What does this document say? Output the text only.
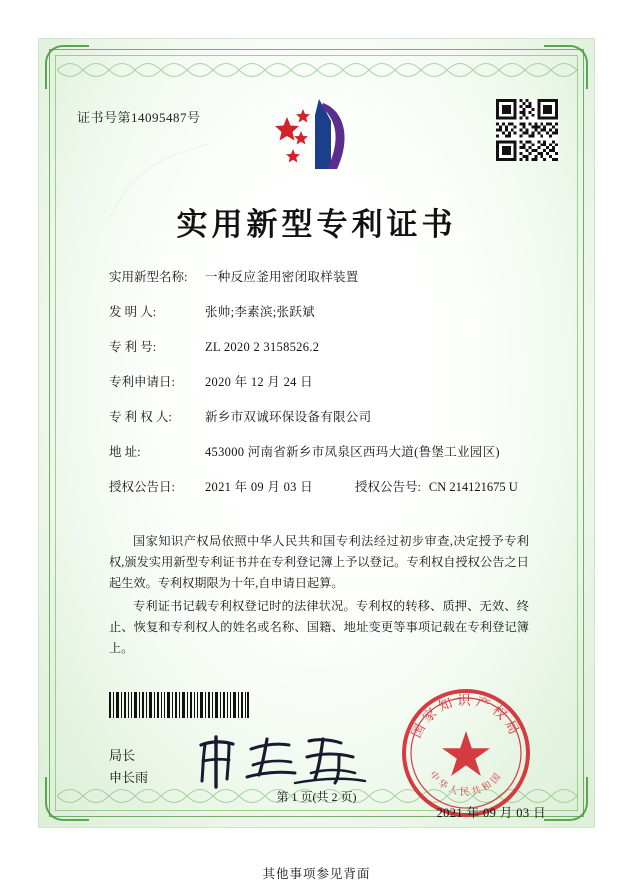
证书号第14095487号
实用新型专利证书
实用新型名称:	一种反应釜用密闭取样装置
发 明 人:	张帅;李素滨;张跃斌
专 利 号:	ZL 2020 2 3158526.2
专利申请日:	2020 年 12 月 24 日
专 利 权 人:	新乡市双诚环保设备有限公司
地 址:	453000 河南省新乡市凤泉区西玛大道(鲁堡工业园区)
授权公告日:	2021 年 09 月 03 日	授权公告号: CN 214121675 U

国家知识产权局依照中华人民共和国专利法经过初步审查,决定授予专利权,颁发实用新型专利证书并在专利登记簿上予以登记。专利权自授权公告之日起生效。专利权期限为十年,自申请日起算。

专利证书记载专利权登记时的法律状况。专利权的转移、质押、无效、终止、恢复和专利权人的姓名或名称、国籍、地址变更等事项记载在专利登记簿上。

局长
申长雨
国家知识产权局
中华人民共和国
2021 年 09 月 03 日
第 1 页(共 2 页)
其他事项参见背面
